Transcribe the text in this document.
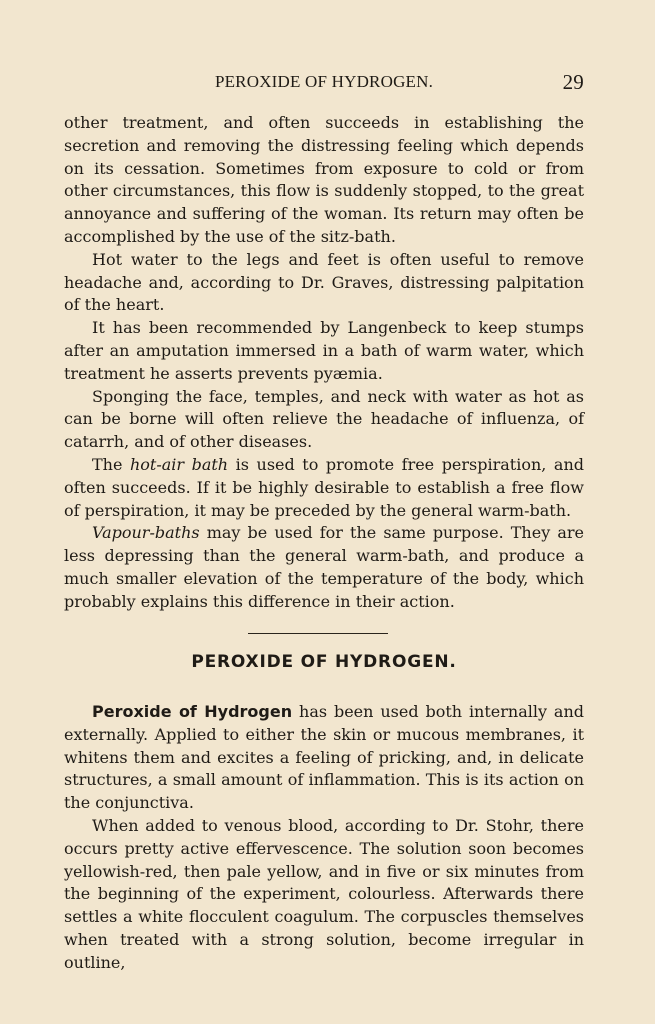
PEROXIDE OF HYDROGEN.	29

other treatment, and often succeeds in establishing the secretion and removing the distressing feeling which depends on its cessation. Sometimes from exposure to cold or from other circumstances, this flow is suddenly stopped, to the great annoyance and suffering of the woman. Its return may often be accomplished by the use of the sitz-bath.

Hot water to the legs and feet is often useful to remove headache and, according to Dr. Graves, distressing palpitation of the heart.

It has been recommended by Langenbeck to keep stumps after an amputation immersed in a bath of warm water, which treatment he asserts prevents pyæmia.

Sponging the face, temples, and neck with water as hot as can be borne will often relieve the headache of influenza, of catarrh, and of other diseases.

The hot-air bath is used to promote free perspiration, and often succeeds. If it be highly desirable to establish a free flow of perspiration, it may be preceded by the general warm-bath.

Vapour-baths may be used for the same purpose. They are less depressing than the general warm-bath, and produce a much smaller elevation of the temperature of the body, which probably explains this difference in their action.

PEROXIDE OF HYDROGEN.

Peroxide of Hydrogen has been used both internally and externally. Applied to either the skin or mucous membranes, it whitens them and excites a feeling of pricking, and, in delicate structures, a small amount of inflammation. This is its action on the conjunctiva.

When added to venous blood, according to Dr. Stohr, there occurs pretty active effervescence. The solution soon becomes yellowish-red, then pale yellow, and in five or six minutes from the beginning of the experiment, colourless. Afterwards there settles a white flocculent coagulum. The corpuscles themselves when treated with a strong solution, become irregular in outline,
